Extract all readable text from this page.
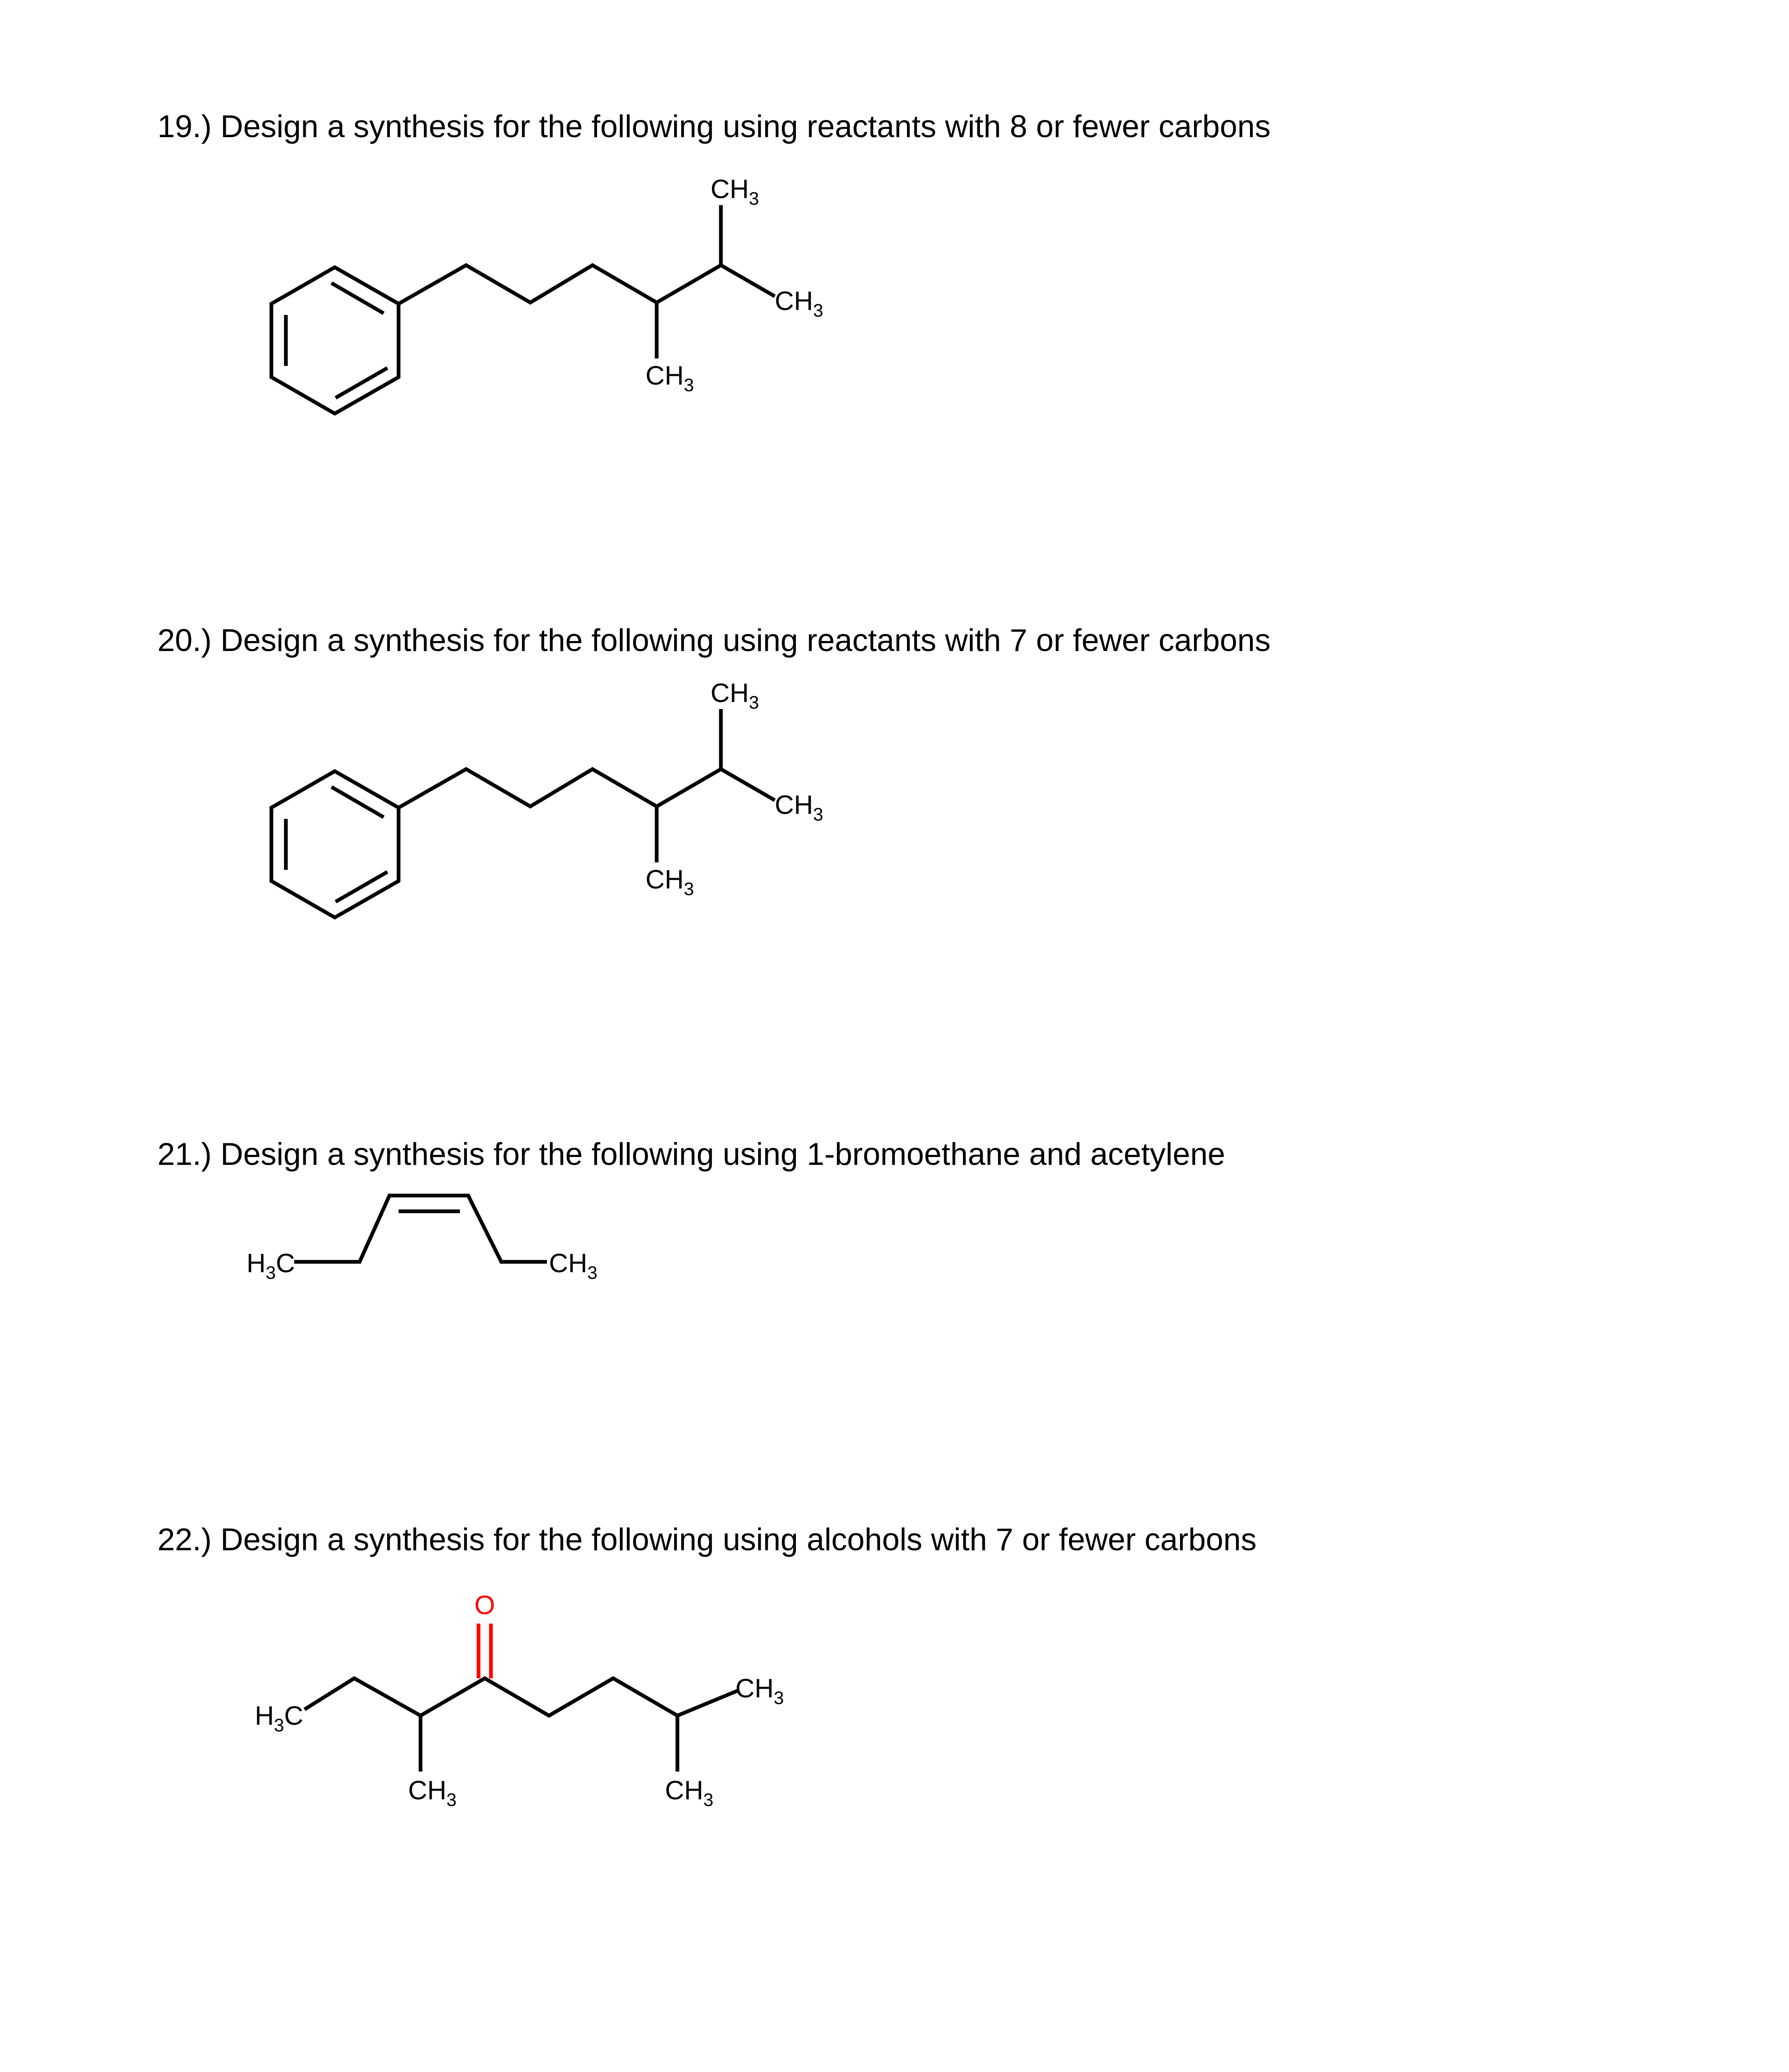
19.) Design a synthesis for the following using reactants with 8 or fewer carbons
$CH_3$
$CH_3$
$CH_3$
20.) Design a synthesis for the following using reactants with 7 or fewer carbons
$CH_3$
$CH_3$
$CH_3$
21.) Design a synthesis for the following using 1-bromoethane and acetylene
$H_3C$	$CH_3$
22.) Design a synthesis for the following using alcohols with 7 or fewer carbons
O
$H_3C$
$CH_3$
$CH_3$	$CH_3$
